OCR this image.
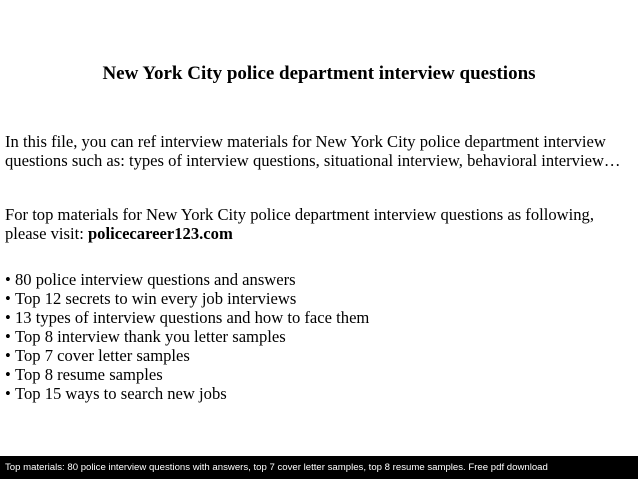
New York City police department interview questions
In this file, you can ref interview materials for New York City police department interview questions such as: types of interview questions, situational interview, behavioral interview…
For top materials for New York City police department interview questions as following,
please visit: policecareer123.com
• 80 police interview questions and answers
• Top 12 secrets to win every job interviews
• 13 types of interview questions and how to face them
• Top 8 interview thank you letter samples
• Top 7 cover letter samples
• Top 8 resume samples
• Top 15 ways to search new jobs
Top materials: 80 police interview questions with answers, top 7 cover letter samples, top 8 resume samples. Free pdf download
